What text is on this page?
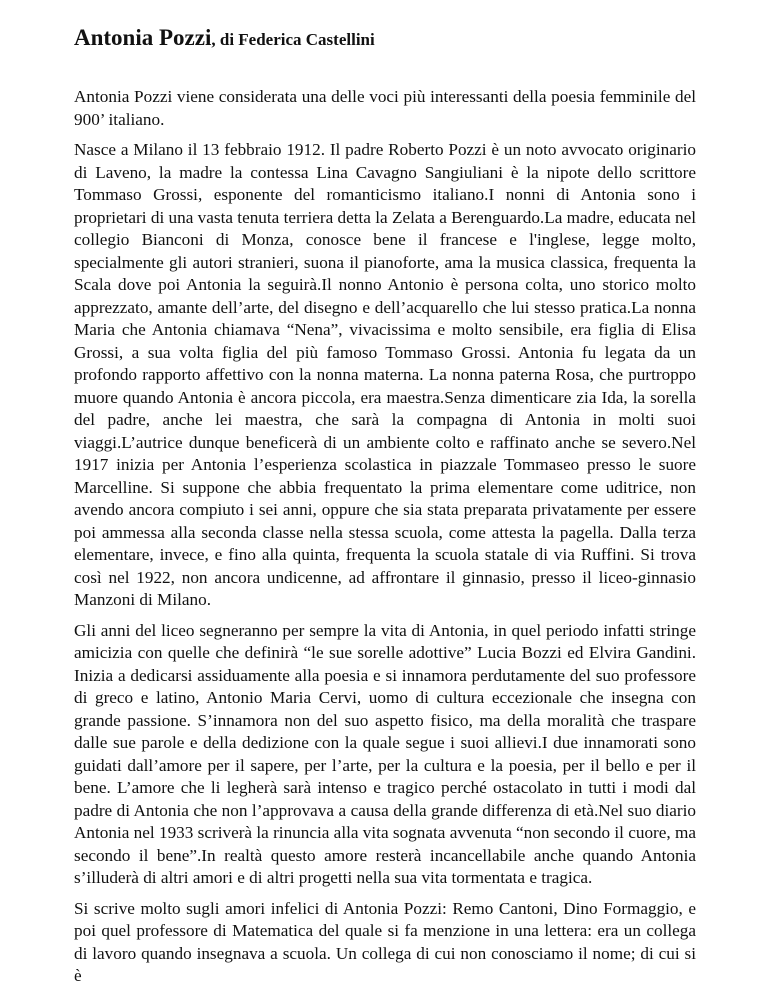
Antonia Pozzi, di Federica Castellini

Antonia Pozzi viene considerata una delle voci più interessanti della poesia femminile del 900’ italiano.

Nasce a Milano il 13 febbraio 1912. Il padre Roberto Pozzi è un noto avvocato originario di Laveno, la madre la contessa Lina Cavagno Sangiuliani è la nipote dello scrittore Tommaso Grossi, esponente del romanticismo italiano.I nonni di Antonia sono i proprietari di una vasta tenuta terriera detta la Zelata a Berenguardo.La madre, educata nel collegio Bianconi di Monza, conosce bene il francese e l'inglese, legge molto, specialmente gli autori stranieri, suona il pianoforte, ama la musica classica, frequenta la Scala dove poi Antonia la seguirà.Il nonno Antonio è persona colta, uno storico molto apprezzato, amante dell’arte, del disegno e dell’acquarello che lui stesso pratica.La nonna Maria che Antonia chiamava “Nena”, vivacissima e molto sensibile, era figlia di Elisa Grossi, a sua volta figlia del più famoso Tommaso Grossi. Antonia fu legata da un profondo rapporto affettivo con la nonna materna. La nonna paterna Rosa, che purtroppo muore quando Antonia è ancora piccola, era maestra.Senza dimenticare zia Ida, la sorella del padre, anche lei maestra, che sarà la compagna di Antonia in molti suoi viaggi.L’autrice dunque beneficerà di un ambiente colto e raffinato anche se severo.Nel 1917 inizia per Antonia l’esperienza scolastica in piazzale Tommaseo presso le suore Marcelline. Si suppone che abbia frequentato la prima elementare come uditrice, non avendo ancora compiuto i sei anni, oppure che sia stata preparata privatamente per essere poi ammessa alla seconda classe nella stessa scuola, come attesta la pagella. Dalla terza elementare, invece, e fino alla quinta, frequenta la scuola statale di via Ruffini. Si trova così nel 1922, non ancora undicenne, ad affrontare il ginnasio, presso il liceo-ginnasio Manzoni di Milano.

Gli anni del liceo segneranno per sempre la vita di Antonia, in quel periodo infatti stringe amicizia con quelle che definirà “le sue sorelle adottive” Lucia Bozzi ed Elvira Gandini. Inizia a dedicarsi assiduamente alla poesia e si innamora perdutamente del suo professore di greco e latino, Antonio Maria Cervi, uomo di cultura eccezionale che insegna con grande passione. S’innamora non del suo aspetto fisico, ma della moralità che traspare dalle sue parole e della dedizione con la quale segue i suoi allievi.I due innamorati sono guidati dall’amore per il sapere, per l’arte, per la cultura e la poesia, per il bello e per il bene. L’amore che li legherà sarà intenso e tragico perché ostacolato in tutti i modi dal padre di Antonia che non l’approvava a causa della grande differenza di età.Nel suo diario Antonia nel 1933 scriverà la rinuncia alla vita sognata avvenuta “non secondo il cuore, ma secondo il bene”.In realtà questo amore resterà incancellabile anche quando Antonia s’illuderà di altri amori e di altri progetti nella sua vita tormentata e tragica.

Si scrive molto sugli amori infelici di Antonia Pozzi: Remo Cantoni, Dino Formaggio, e poi quel professore di Matematica del quale si fa menzione in una lettera: era un collega di lavoro quando insegnava a scuola. Un collega di cui non conosciamo il nome; di cui si è
